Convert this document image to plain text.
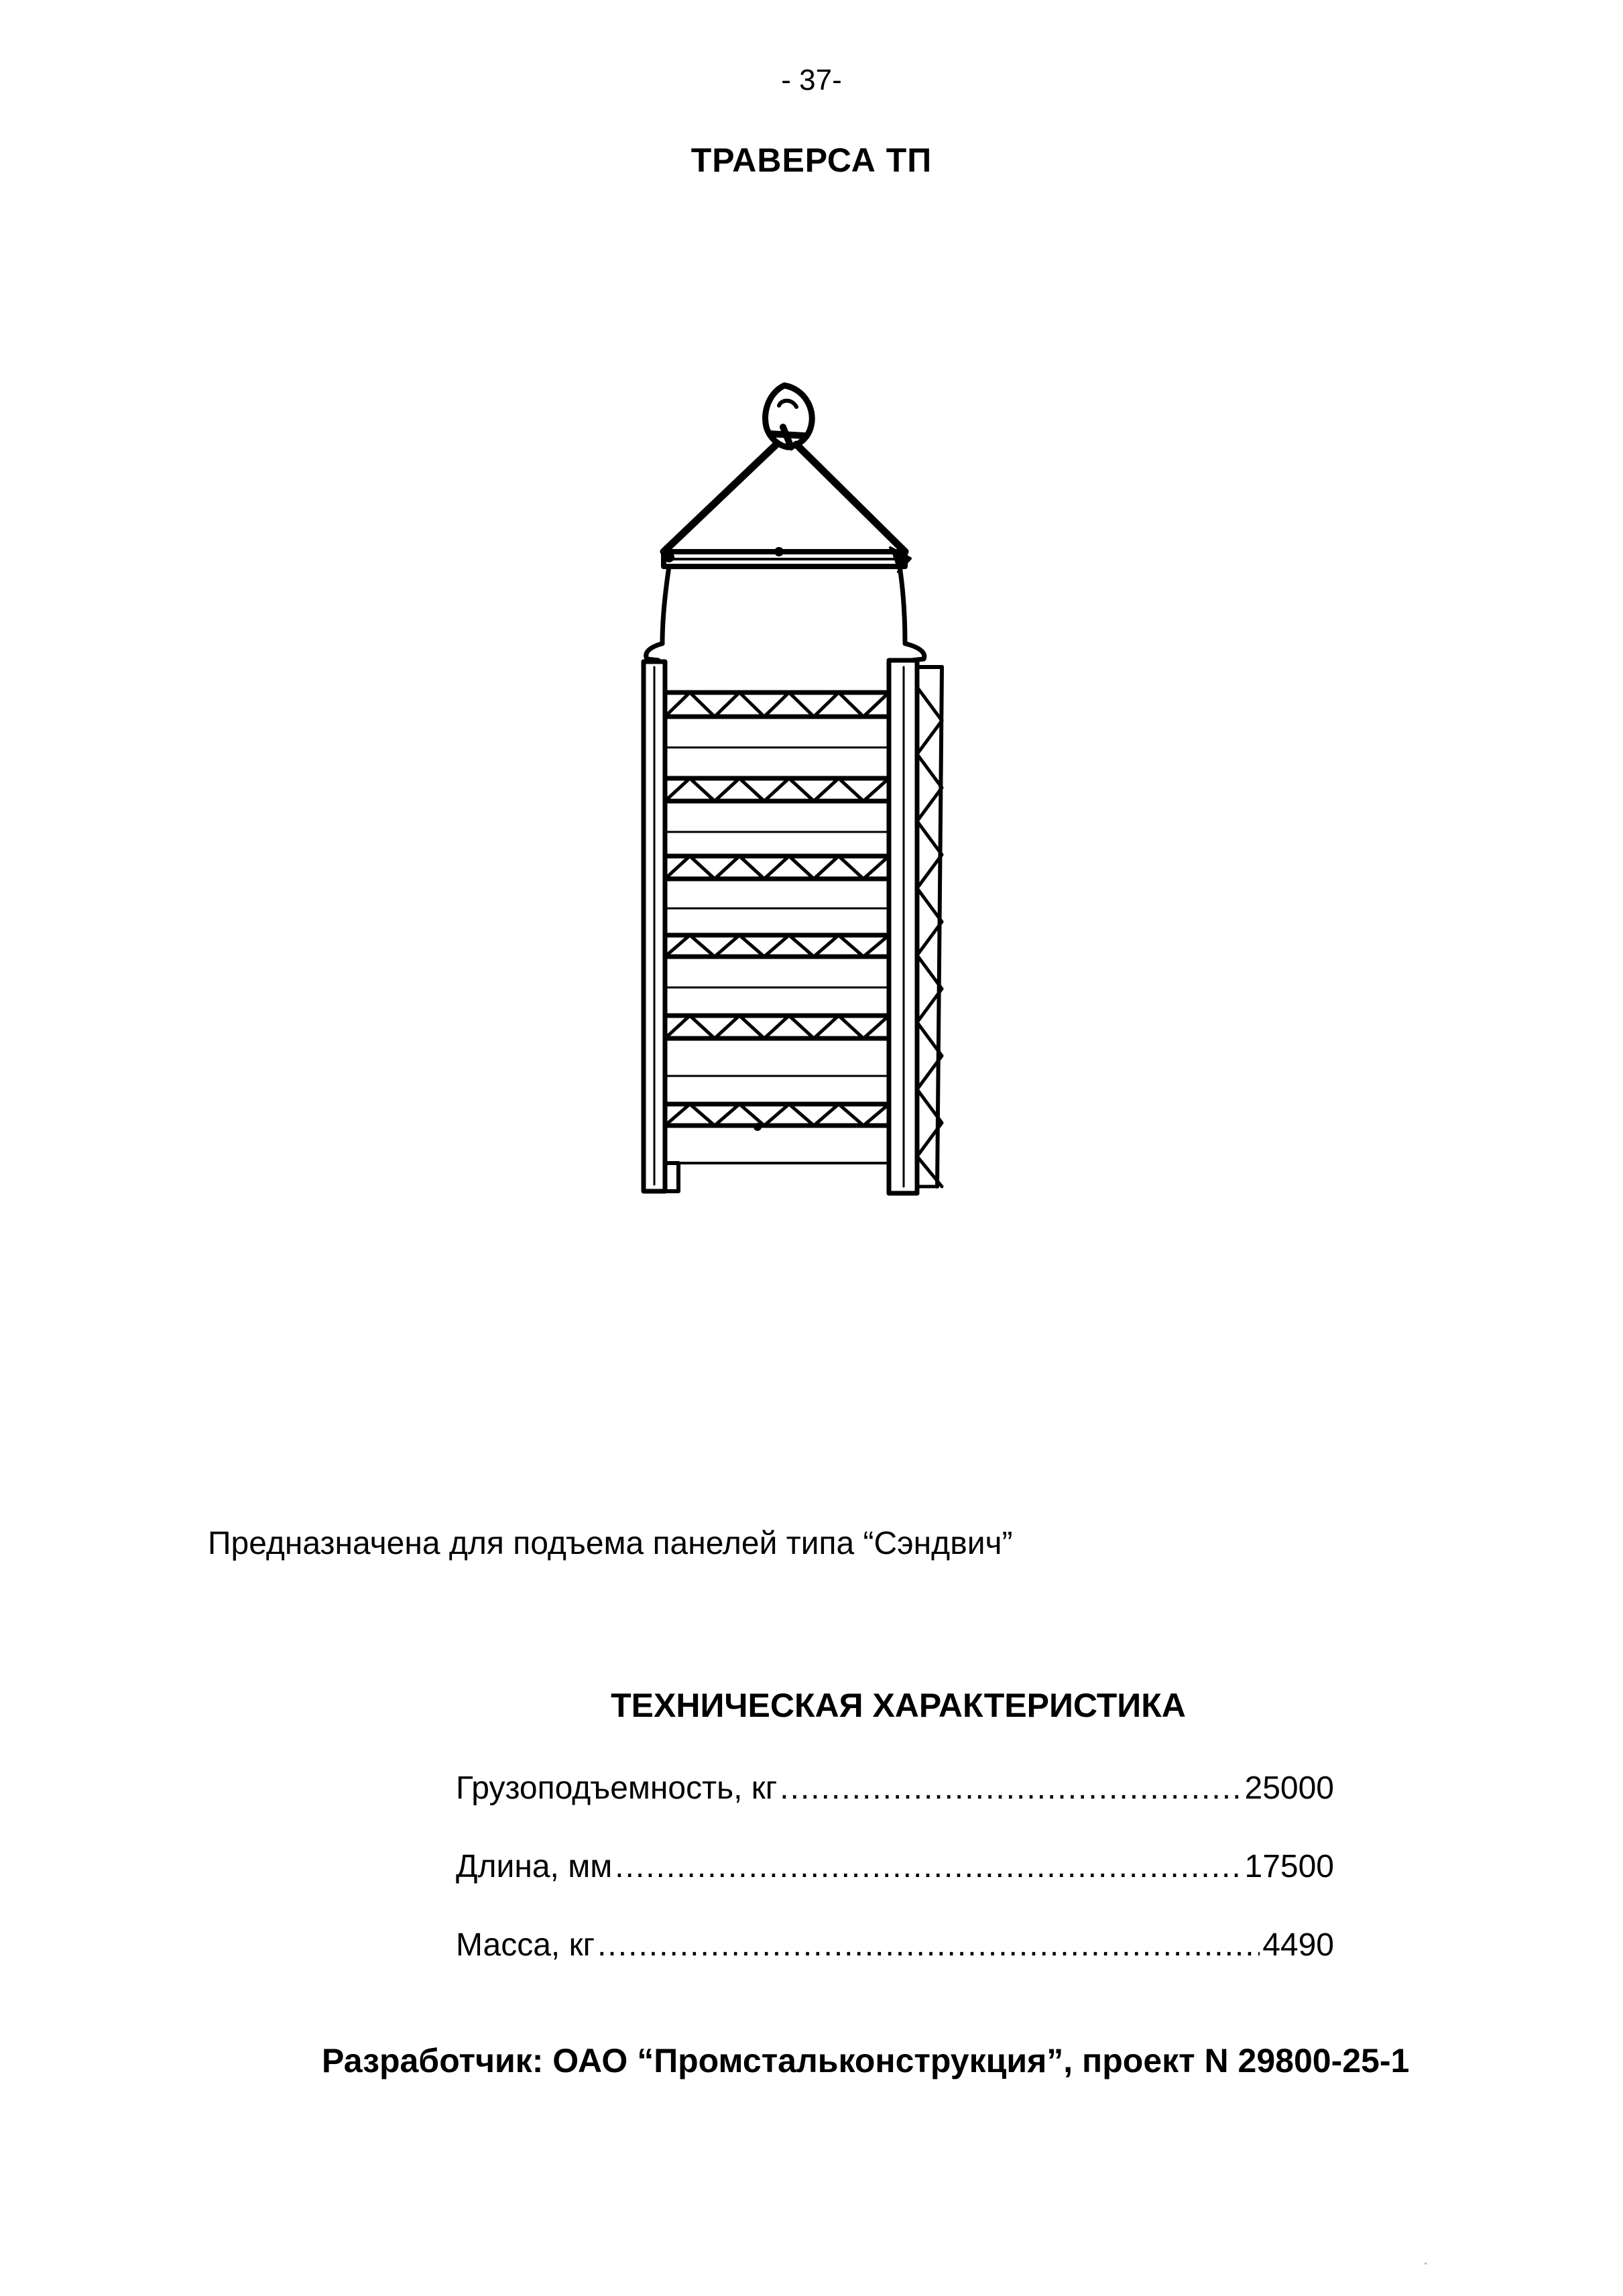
- 37-
ТРАВЕРСА ТП
Предназначена для подъема панелей типа “Сэндвич”
ТЕХНИЧЕСКАЯ ХАРАКТЕРИСТИКА
Грузоподъемность, кг .....	25000
Длина, мм .....	17500
Масса, кг .....	4490
Разработчик: ОАО “Промстальконструкция”, проект N 29800-25-1
